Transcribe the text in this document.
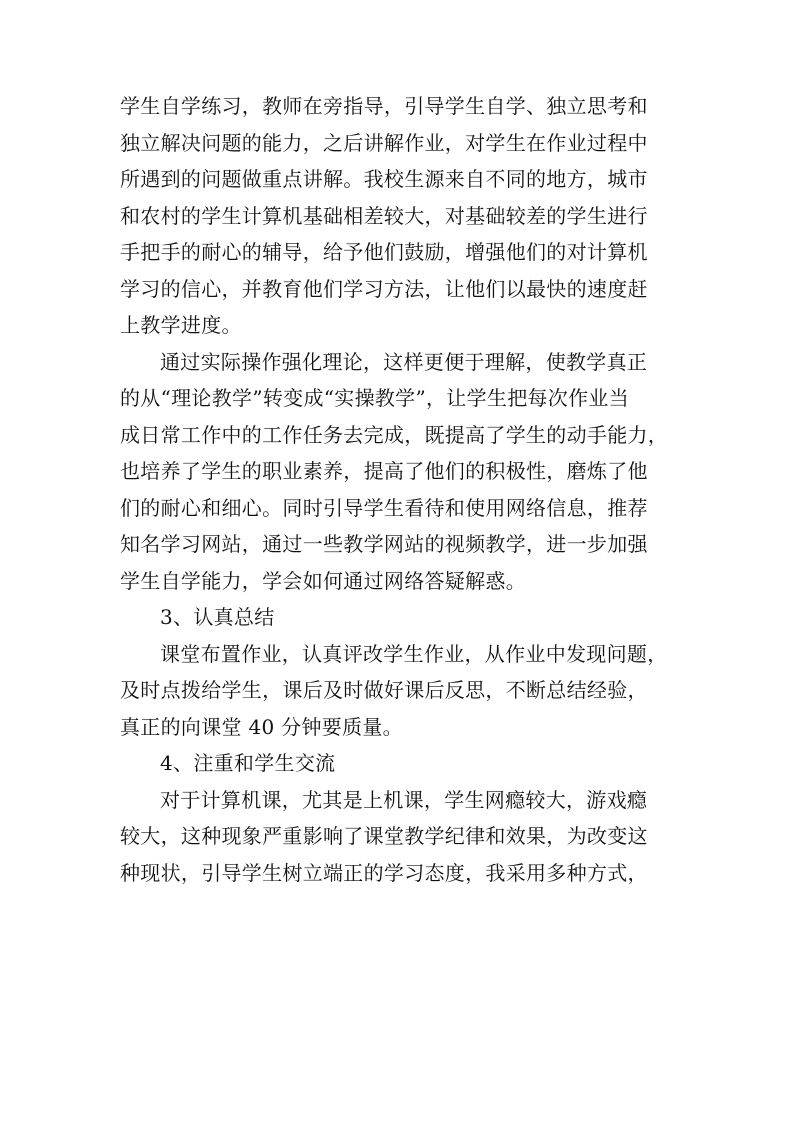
学生自学练习，教师在旁指导，引导学生自学、独立思考和
独立解决问题的能力，之后讲解作业，对学生在作业过程中
所遇到的问题做重点讲解。我校生源来自不同的地方，城市
和农村的学生计算机基础相差较大，对基础较差的学生进行
手把手的耐心的辅导，给予他们鼓励，增强他们的对计算机
学习的信心，并教育他们学习方法，让他们以最快的速度赶
上教学进度。
通过实际操作强化理论，这样更便于理解，使教学真正
的从“理论教学”转变成“实操教学”，让学生把每次作业当
成日常工作中的工作任务去完成，既提高了学生的动手能力，
也培养了学生的职业素养，提高了他们的积极性，磨炼了他
们的耐心和细心。同时引导学生看待和使用网络信息，推荐
知名学习网站，通过一些教学网站的视频教学，进一步加强
学生自学能力，学会如何通过网络答疑解惑。
3、认真总结
课堂布置作业，认真评改学生作业，从作业中发现问题，
及时点拨给学生，课后及时做好课后反思，不断总结经验，
真正的向课堂 40 分钟要质量。
4、注重和学生交流
对于计算机课，尤其是上机课，学生网瘾较大，游戏瘾
较大，这种现象严重影响了课堂教学纪律和效果，为改变这
种现状，引导学生树立端正的学习态度，我采用多种方式，
